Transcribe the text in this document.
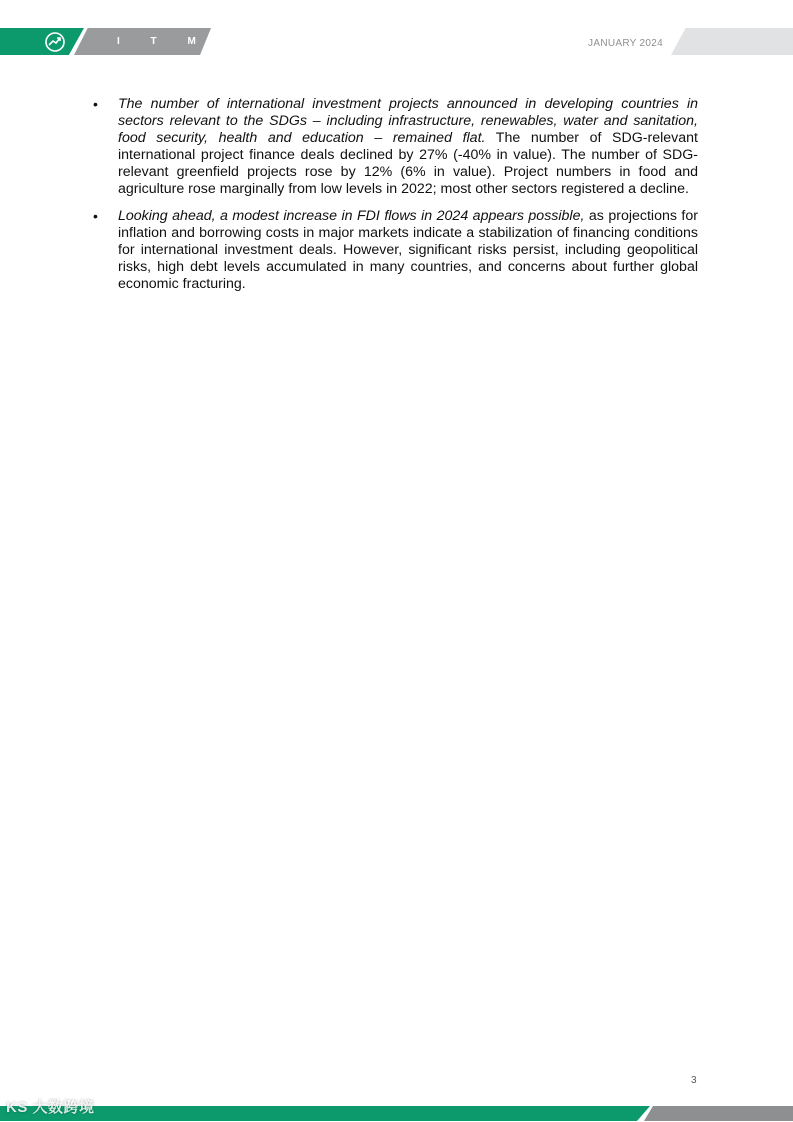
I T M	JANUARY 2024

• The number of international investment projects announced in developing countries in sectors relevant to the SDGs – including infrastructure, renewables, water and sanitation, food security, health and education – remained flat. The number of SDG-relevant international project finance deals declined by 27% (-40% in value). The number of SDG-relevant greenfield projects rose by 12% (6% in value). Project numbers in food and agriculture rose marginally from low levels in 2022; most other sectors registered a decline.

• Looking ahead, a modest increase in FDI flows in 2024 appears possible, as projections for inflation and borrowing costs in major markets indicate a stabilization of financing conditions for international investment deals. However, significant risks persist, including geopolitical risks, high debt levels accumulated in many countries, and concerns about further global economic fracturing.

3
KS 大数跨境
